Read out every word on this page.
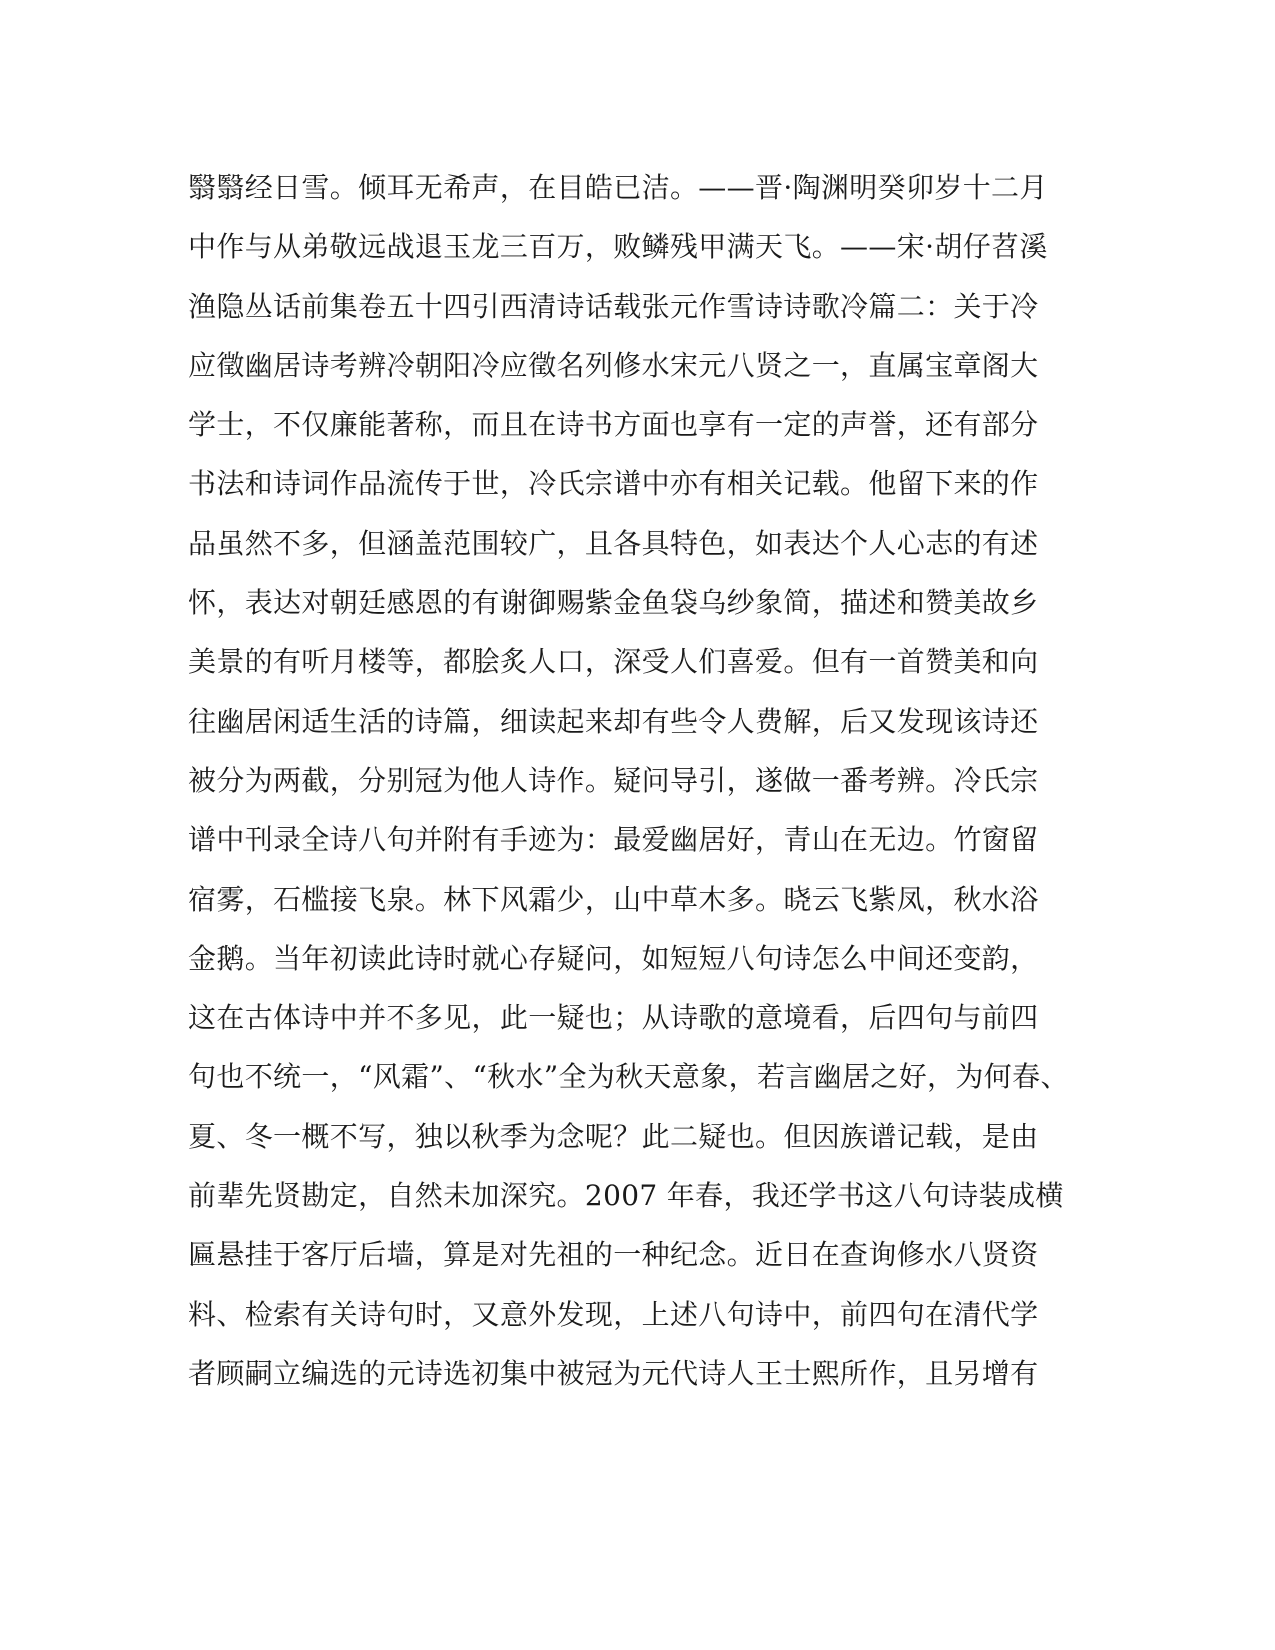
翳翳经日雪。倾耳无希声，在目皓已洁。——晋·陶渊明癸卯岁十二月
中作与从弟敬远战退玉龙三百万，败鳞残甲满天飞。——宋·胡仔苕溪
渔隐丛话前集卷五十四引西清诗话载张元作雪诗诗歌冷篇二：关于冷
应徵幽居诗考辨冷朝阳冷应徵名列修水宋元八贤之一，直属宝章阁大
学士，不仅廉能著称，而且在诗书方面也享有一定的声誉，还有部分
书法和诗词作品流传于世，冷氏宗谱中亦有相关记载。他留下来的作
品虽然不多，但涵盖范围较广，且各具特色，如表达个人心志的有述
怀，表达对朝廷感恩的有谢御赐紫金鱼袋乌纱象简，描述和赞美故乡
美景的有听月楼等，都脍炙人口，深受人们喜爱。但有一首赞美和向
往幽居闲适生活的诗篇，细读起来却有些令人费解，后又发现该诗还
被分为两截，分别冠为他人诗作。疑问导引，遂做一番考辨。冷氏宗
谱中刊录全诗八句并附有手迹为：最爱幽居好，青山在无边。竹窗留
宿雾，石槛接飞泉。林下风霜少，山中草木多。晓云飞紫凤，秋水浴
金鹅。当年初读此诗时就心存疑问，如短短八句诗怎么中间还变韵，
这在古体诗中并不多见，此一疑也；从诗歌的意境看，后四句与前四
句也不统一，“风霜”、“秋水”全为秋天意象，若言幽居之好，为何春、
夏、冬一概不写，独以秋季为念呢？此二疑也。但因族谱记载，是由
前辈先贤勘定，自然未加深究。2007 年春，我还学书这八句诗装成横
匾悬挂于客厅后墙，算是对先祖的一种纪念。近日在查询修水八贤资
料、检索有关诗句时，又意外发现，上述八句诗中，前四句在清代学
者顾嗣立编选的元诗选初集中被冠为元代诗人王士熙所作，且另增有
